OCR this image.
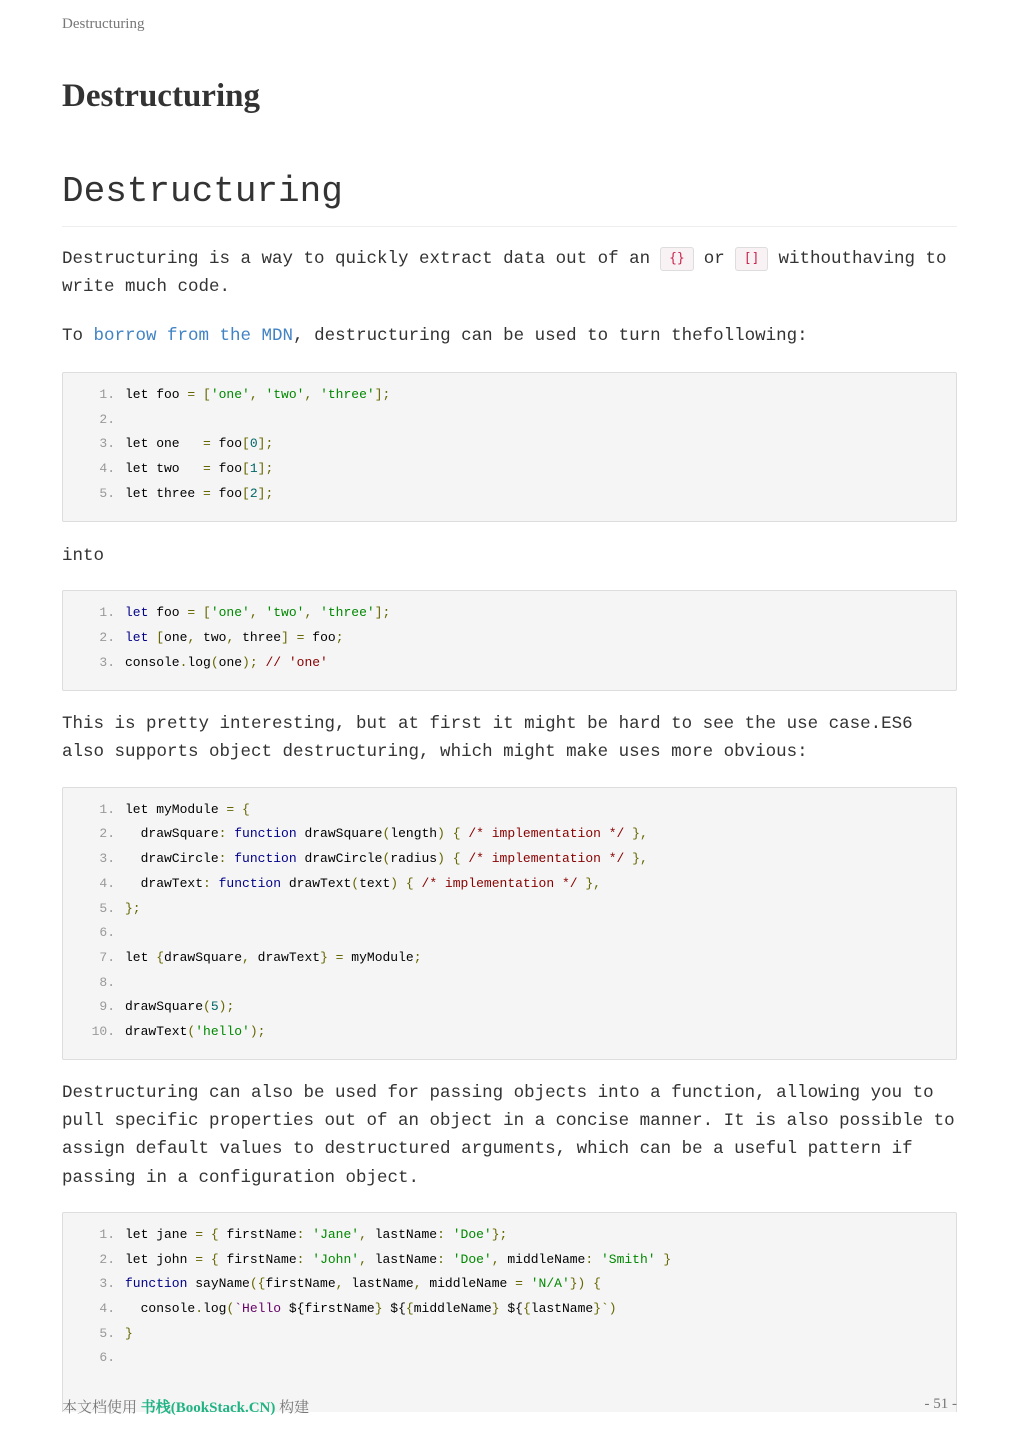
Destructuring
Destructuring
Destructuring

Destructuring is a way to quickly extract data out of an {} or [] withouthaving to write much code.

To borrow from the MDN, destructuring can be used to turn thefollowing:

1. let foo = ['one', 'two', 'three'];
2.
3. let one   = foo[0];
4. let two   = foo[1];
5. let three = foo[2];

into

1. let foo = ['one', 'two', 'three'];
2. let [one, two, three] = foo;
3. console.log(one); // 'one'

This is pretty interesting, but at first it might be hard to see the use case.ES6 also supports object destructuring, which might make uses more obvious:

1. let myModule = {
2. drawSquare: function drawSquare(length) { /* implementation */ },
3. drawCircle: function drawCircle(radius) { /* implementation */ },
4. drawText: function drawText(text) { /* implementation */ },
5. };
6.
7. let {drawSquare, drawText} = myModule;
8.
9. drawSquare(5);
10. drawText('hello');

Destructuring can also be used for passing objects into a function, allowing you to pull specific properties out of an object in a concise manner. It is also possible to assign default values to destructured arguments, which can be a useful pattern if passing in a configuration object.

1. let jane = { firstName: 'Jane', lastName: 'Doe'};
2. let john = { firstName: 'John', lastName: 'Doe', middleName: 'Smith' }
3. function sayName({firstName, lastName, middleName = 'N/A'}) {
4. console.log(`Hello ${firstName} ${{middleName} ${{lastName}`)
5. }
6.
本文档使用 书栈(BookStack.CN) 构建	- 51 -
